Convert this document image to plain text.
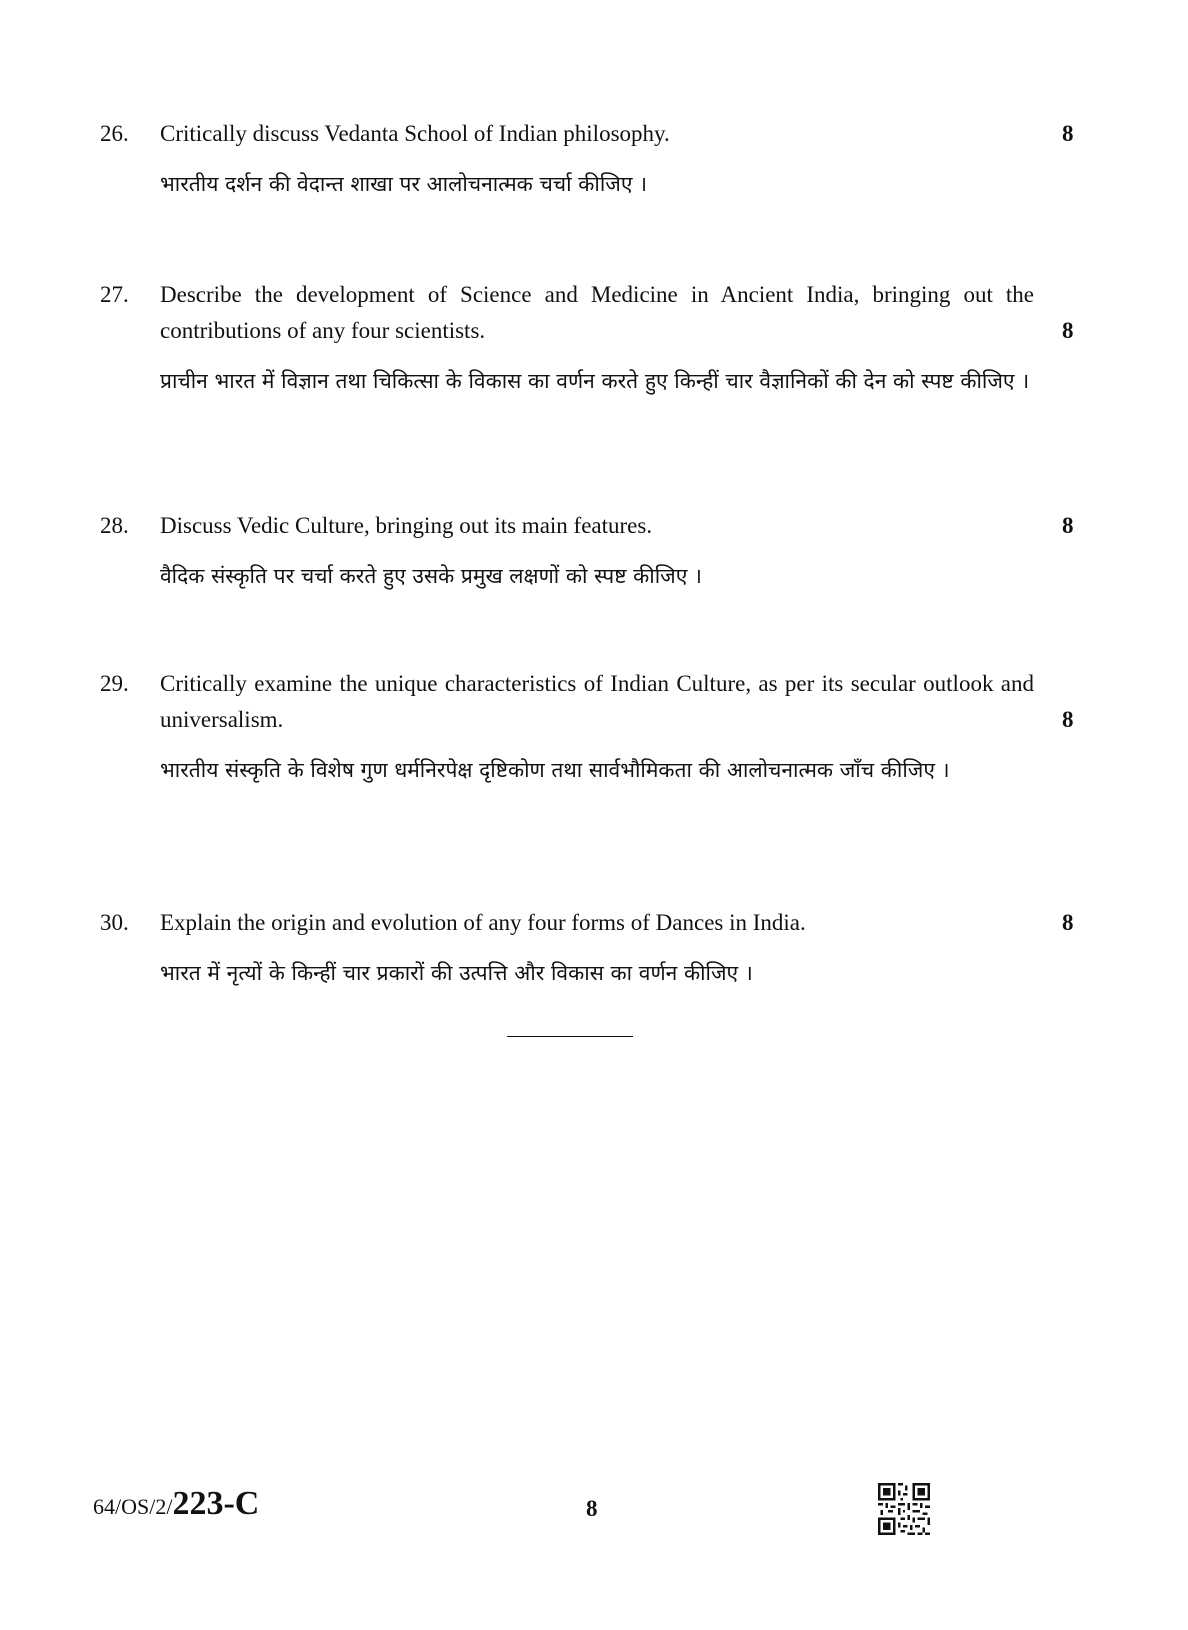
26. Critically discuss Vedanta School of Indian philosophy.

भारतीय दर्शन की वेदान्त शाखा पर आलोचनात्मक चर्चा कीजिए ।

8
27. Describe the development of Science and Medicine in Ancient India, bringing out the contributions of any four scientists.

प्राचीन भारत में विज्ञान तथा चिकित्सा के विकास का वर्णन करते हुए किन्हीं चार वैज्ञानिकों की देन को स्पष्ट कीजिए ।

8
28. Discuss Vedic Culture, bringing out its main features.

वैदिक संस्कृति पर चर्चा करते हुए उसके प्रमुख लक्षणों को स्पष्ट कीजिए ।

8
29. Critically examine the unique characteristics of Indian Culture, as per its secular outlook and universalism.

भारतीय संस्कृति के विशेष गुण धर्मनिरपेक्ष दृष्टिकोण तथा सार्वभौमिकता की आलोचनात्मक जाँच कीजिए ।

8
30. Explain the origin and evolution of any four forms of Dances in India.

भारत में नृत्यों के किन्हीं चार प्रकारों की उत्पत्ति और विकास का वर्णन कीजिए ।

8
64/OS/2/223-C	8
